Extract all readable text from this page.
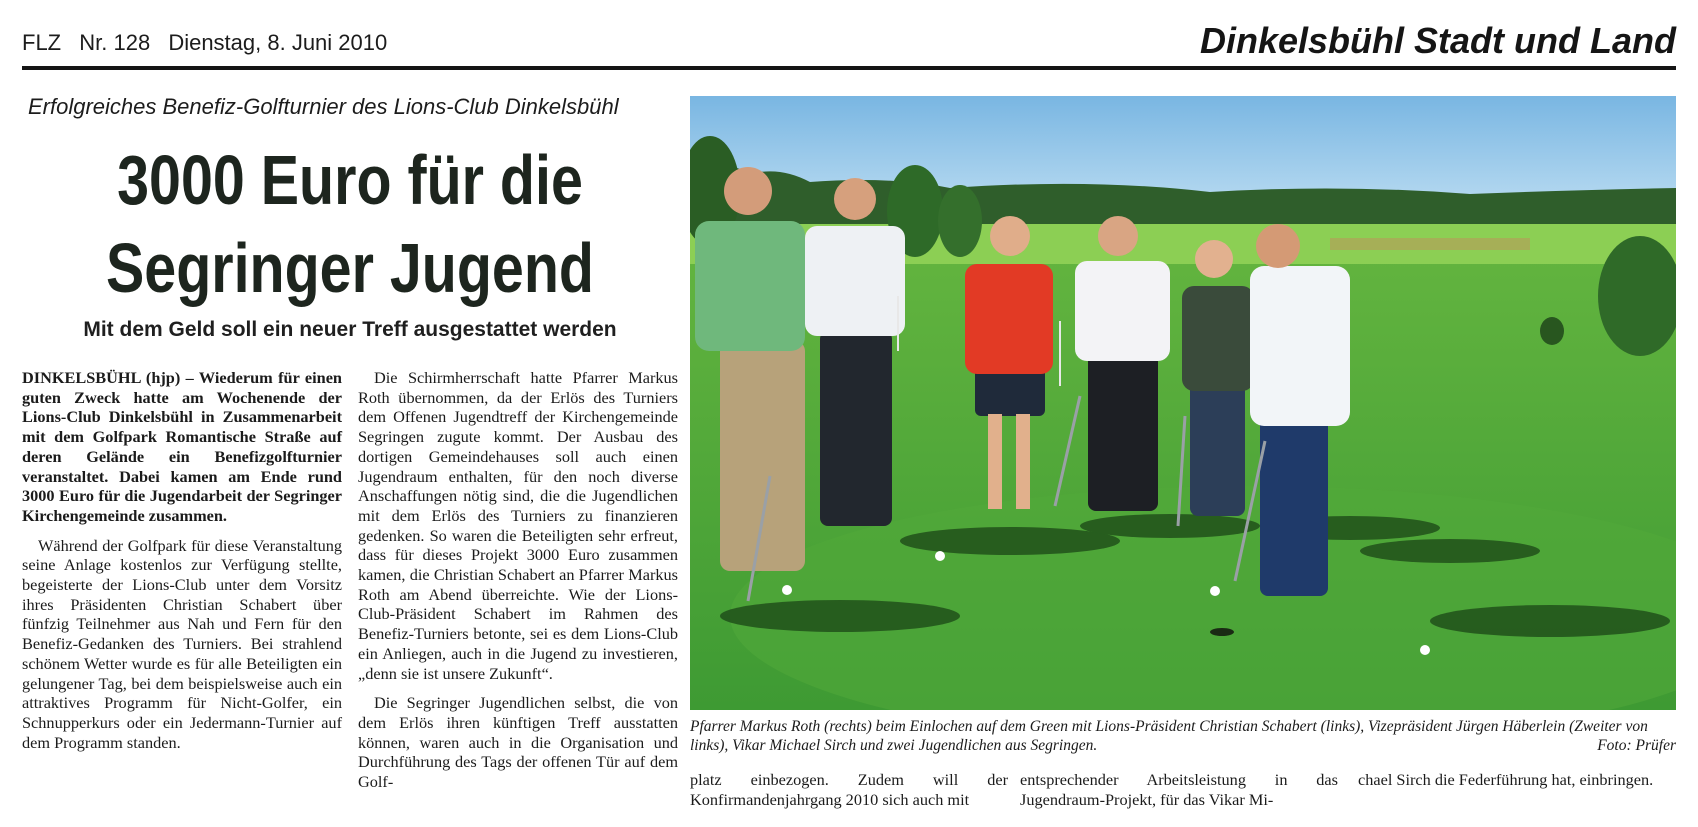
FLZ Nr. 128 Dienstag, 8. Juni 2010	Dinkelsbühl Stadt und Land
Erfolgreiches Benefiz-Golfturnier des Lions-Club Dinkelsbühl
3000 Euro für die
Segringer Jugend
Mit dem Geld soll ein neuer Treff ausgestattet werden

DINKELSBÜHL (hjp) – Wiederum für einen guten Zweck hatte am Wochenende der Lions-Club Dinkelsbühl in Zusammenarbeit mit dem Golfpark Romantische Straße auf deren Gelände ein Benefizgolfturnier veranstaltet. Dabei kamen am Ende rund 3000 Euro für die Jugendarbeit der Segringer Kirchengemeinde zusammen.

Während der Golfpark für diese Veranstaltung seine Anlage kostenlos zur Verfügung stellte, begeisterte der Lions-Club unter dem Vorsitz ihres Präsidenten Christian Schabert über fünfzig Teilnehmer aus Nah und Fern für den Benefiz-Gedanken des Turniers. Bei strahlend schönem Wetter wurde es für alle Beteiligten ein gelungener Tag, bei dem beispielsweise auch ein attraktives Programm für Nicht-Golfer, ein Schnupperkurs oder ein Jedermann-Turnier auf dem Programm standen.

Die Schirmherrschaft hatte Pfarrer Markus Roth übernommen, da der Erlös des Turniers dem Offenen Jugendtreff der Kirchengemeinde Segringen zugute kommt. Der Ausbau des dortigen Gemeindehauses soll auch einen Jugendraum enthalten, für den noch diverse Anschaffungen nötig sind, die die Jugendlichen mit dem Erlös des Turniers zu finanzieren gedenken. So waren die Beteiligten sehr erfreut, dass für dieses Projekt 3000 Euro zusammen kamen, die Christian Schabert an Pfarrer Markus Roth am Abend überreichte. Wie der Lions-Club-Präsident Schabert im Rahmen des Benefiz-Turniers betonte, sei es dem Lions-Club ein Anliegen, auch in die Jugend zu investieren, „denn sie ist unsere Zukunft“.

Die Segringer Jugendlichen selbst, die von dem Erlös ihren künftigen Treff ausstatten können, waren auch in die Organisation und Durchführung des Tags der offenen Tür auf dem Golf-

Pfarrer Markus Roth (rechts) beim Einlochen auf dem Green mit Lions-Präsident Christian Schabert (links), Vizepräsident Jürgen Häberlein (Zweiter von links), Vikar Michael Sirch und zwei Jugendlichen aus Segringen.	Foto: Prüfer
platz einbezogen. Zudem will der Konfirmandenjahrgang 2010 sich auch mit
entsprechender Arbeitsleistung in das Jugendraum-Projekt, für das Vikar Mi-
chael Sirch die Federführung hat, einbringen.
